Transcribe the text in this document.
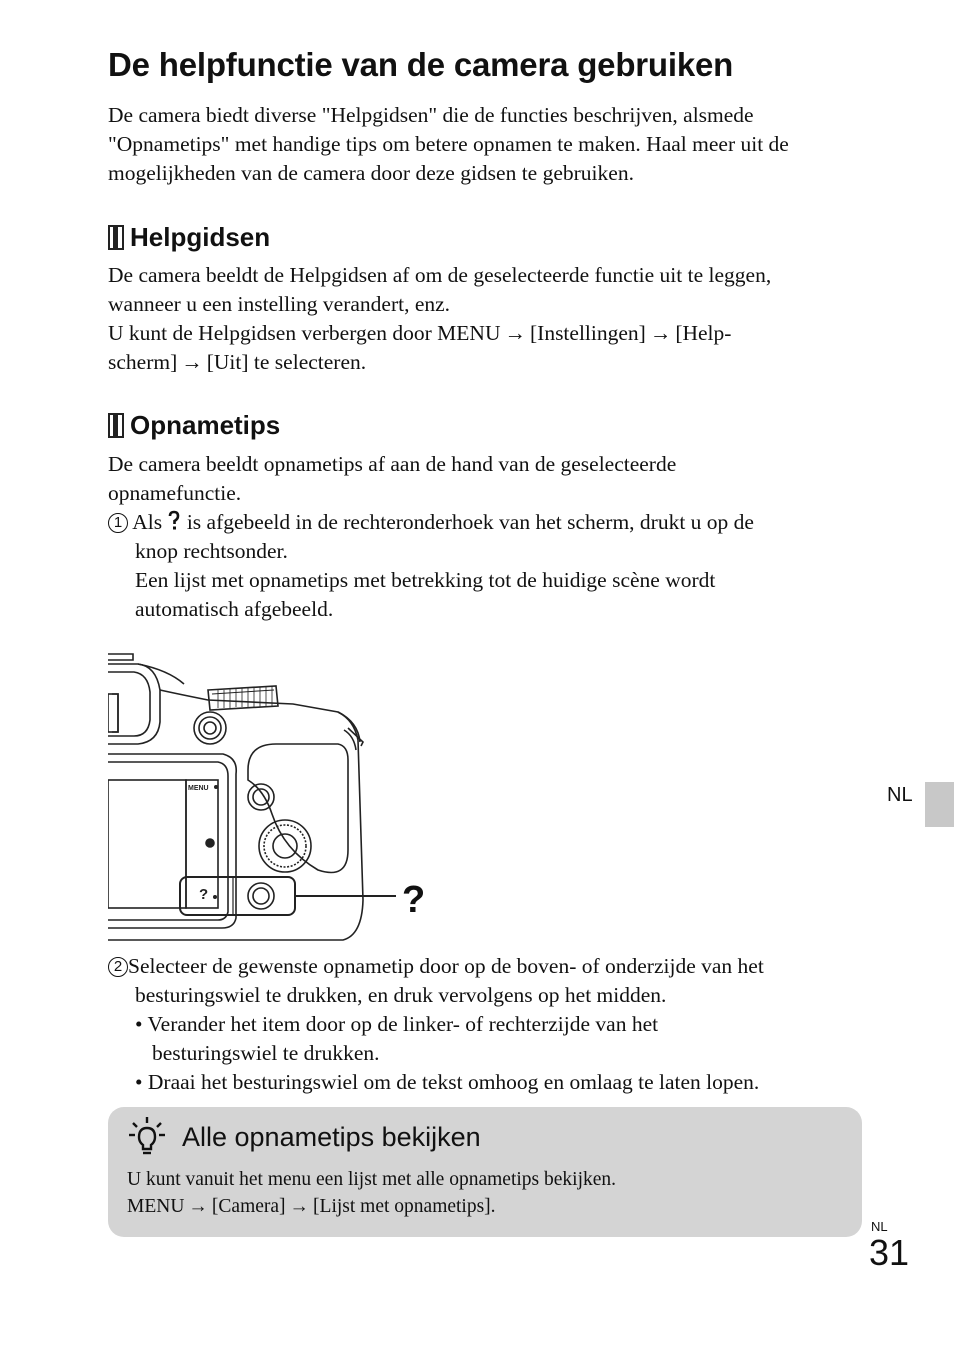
De helpfunctie van de camera gebruiken

De camera biedt diverse "Helpgidsen" die de functies beschrijven, alsmede
"Opnametips" met handige tips om betere opnamen te maken. Haal meer uit de
mogelijkheden van de camera door deze gidsen te gebruiken.

Helpgidsen

De camera beeldt de Helpgidsen af om de geselecteerde functie uit te leggen,
wanneer u een instelling verandert, enz.
U kunt de Helpgidsen verbergen door MENU → [Instellingen] → [Help-
scherm] → [Uit] te selecteren.

Opnametips

De camera beeldt opnametips af aan de hand van de geselecteerde
opnamefunctie.
1 Als is afgebeeld in de rechteronderhoek van het scherm, drukt u op de
knop rechtsonder.
Een lijst met opnametips met betrekking tot de huidige scène wordt
automatisch afgebeeld.

MENU
?	?

2 Selecteer de gewenste opnametip door op de boven- of onderzijde van het
besturingswiel te drukken, en druk vervolgens op het midden.
• Verander het item door op de linker- of rechterzijde van het
besturingswiel te drukken.
• Draai het besturingswiel om de tekst omhoog en omlaag te laten lopen.

Alle opnametips bekijken
U kunt vanuit het menu een lijst met alle opnametips bekijken.
MENU → [Camera] → [Lijst met opnametips].
NL
NL
31
